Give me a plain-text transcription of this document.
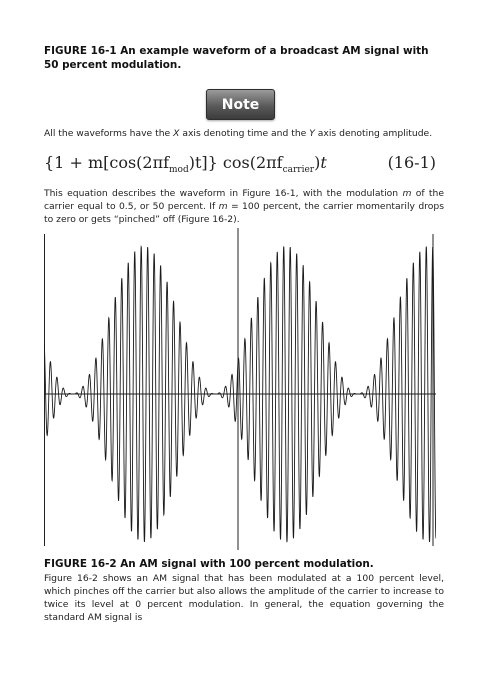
FIGURE 16-1 An example waveform of a broadcast AM signal with 50 percent modulation.
Note
All the waveforms have the X axis denoting time and the Y axis denoting amplitude.
$\{1 + m[\cos(2\pi f_{mod})t]\}$ $\cos(2\pi f_{carrier})t$	(16-1)
This equation describes the waveform in Figure 16-1, with the modulation m of the carrier equal to 0.5, or 50 percent. If m = 100 percent, the carrier momentarily drops to zero or gets “pinched” off (Figure 16-2).
FIGURE 16-2 An AM signal with 100 percent modulation.
Figure 16-2 shows an AM signal that has been modulated at a 100 percent level, which pinches off the carrier but also allows the amplitude of the carrier to increase to twice its level at 0 percent modulation. In general, the equation governing the standard AM signal is
